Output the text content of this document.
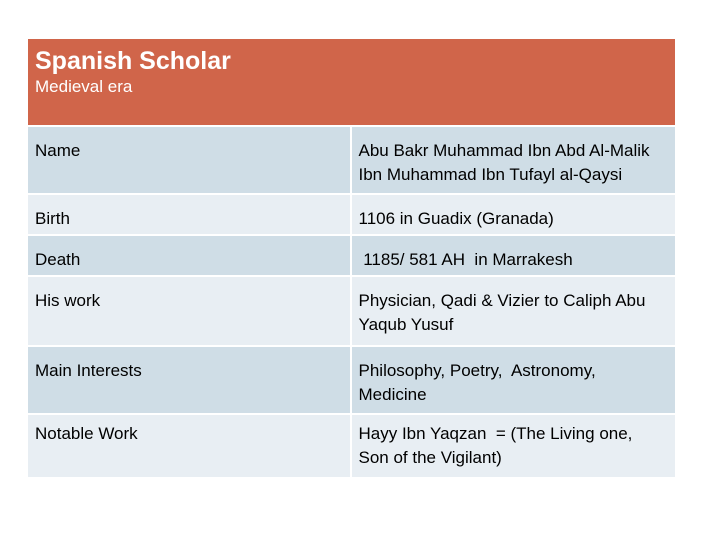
Spanish Scholar
Medieval era	

Name	Abu Bakr Muhammad Ibn Abd Al-Malik Ibn Muhammad Ibn Tufayl al-Qaysi
Birth	1106 in Guadix (Granada)
Death	1185/ 581 AH  in Marrakesh
His work	Physician, Qadi & Vizier to Caliph Abu Yaqub Yusuf
Main Interests	Philosophy, Poetry,  Astronomy, Medicine
Notable Work	Hayy Ibn Yaqzan  = (The Living one, Son of the Vigilant)
